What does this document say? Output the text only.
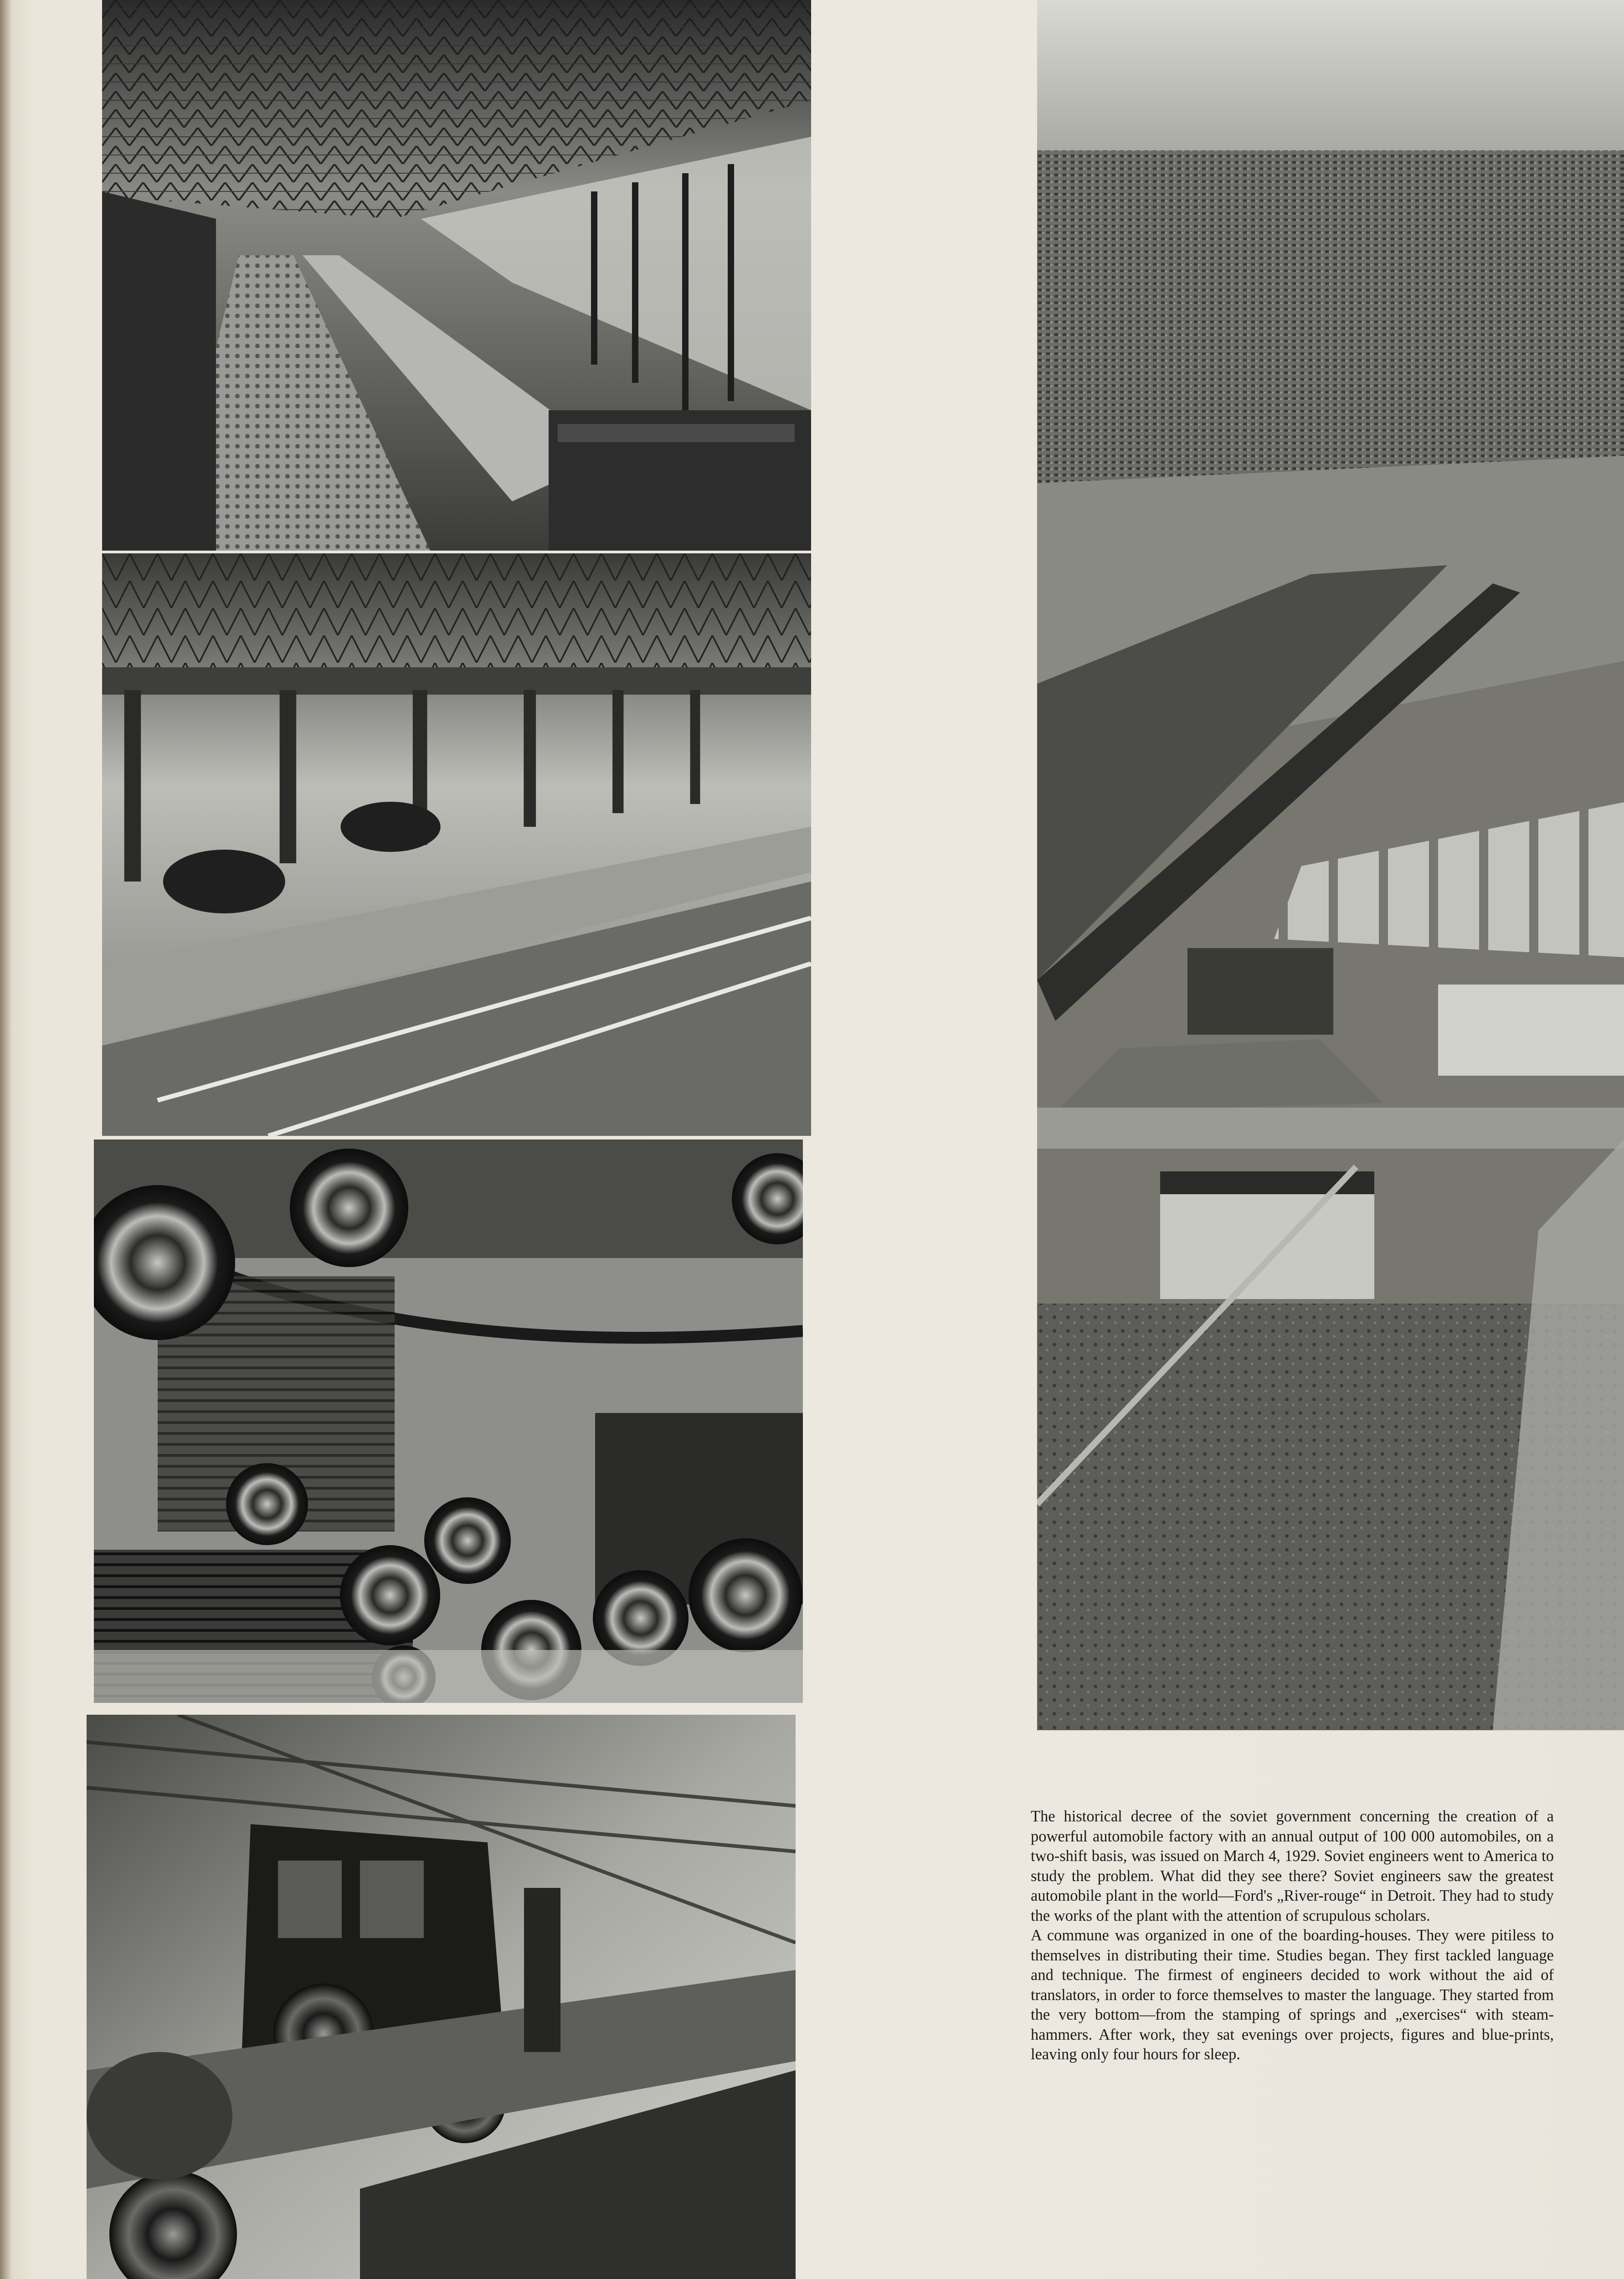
The historical decree of the soviet government concerning the creation of a powerful automobile factory with an annual output of 100 000 automobiles, on a two-shift basis, was issued on March 4, 1929. Soviet engineers went to America to study the problem. What did they see there? Soviet engineers saw the greatest automobile plant in the world—Ford's „River-rouge“ in Detroit. They had to study the works of the plant with the attention of scrupulous scholars.

A commune was organized in one of the boarding-houses. They were pitiless to themselves in distributing their time. Studies began. They first tackled language and technique. The firmest of engineers decided to work without the aid of translators, in order to force themselves to master the language. They started from the very bottom—from the stamping of springs and „exercises“ with steam-hammers. After work, they sat evenings over projects, figures and blue-prints, leaving only four hours for sleep.
